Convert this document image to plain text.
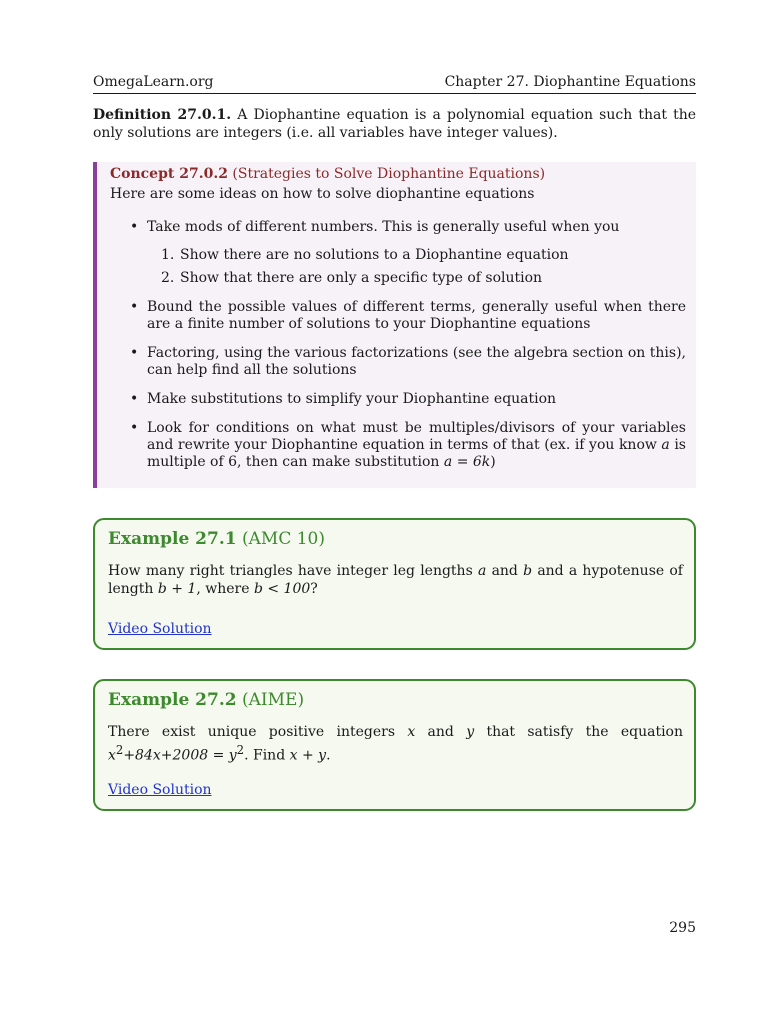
OmegaLearn.org	Chapter 27. Diophantine Equations
Definition 27.0.1. A Diophantine equation is a polynomial equation such that the only solutions are integers (i.e. all variables have integer values).
Concept 27.0.2 (Strategies to Solve Diophantine Equations)
Here are some ideas on how to solve diophantine equations
• Take mods of different numbers. This is generally useful when you
1. Show there are no solutions to a Diophantine equation
2. Show that there are only a specific type of solution
• Bound the possible values of different terms, generally useful when there are a finite number of solutions to your Diophantine equations
• Factoring, using the various factorizations (see the algebra section on this), can help find all the solutions
• Make substitutions to simplify your Diophantine equation
• Look for conditions on what must be multiples/divisors of your variables and rewrite your Diophantine equation in terms of that (ex. if you know a is multiple of 6, then can make substitution a = 6k)
Example 27.1 (AMC 10)
How many right triangles have integer leg lengths a and b and a hypotenuse of length b + 1, where b < 100?
Video Solution
Example 27.2 (AIME)
There exist unique positive integers x and y that satisfy the equation $x^2+84x+2008 = y^2$. Find x + y.
Video Solution
295
